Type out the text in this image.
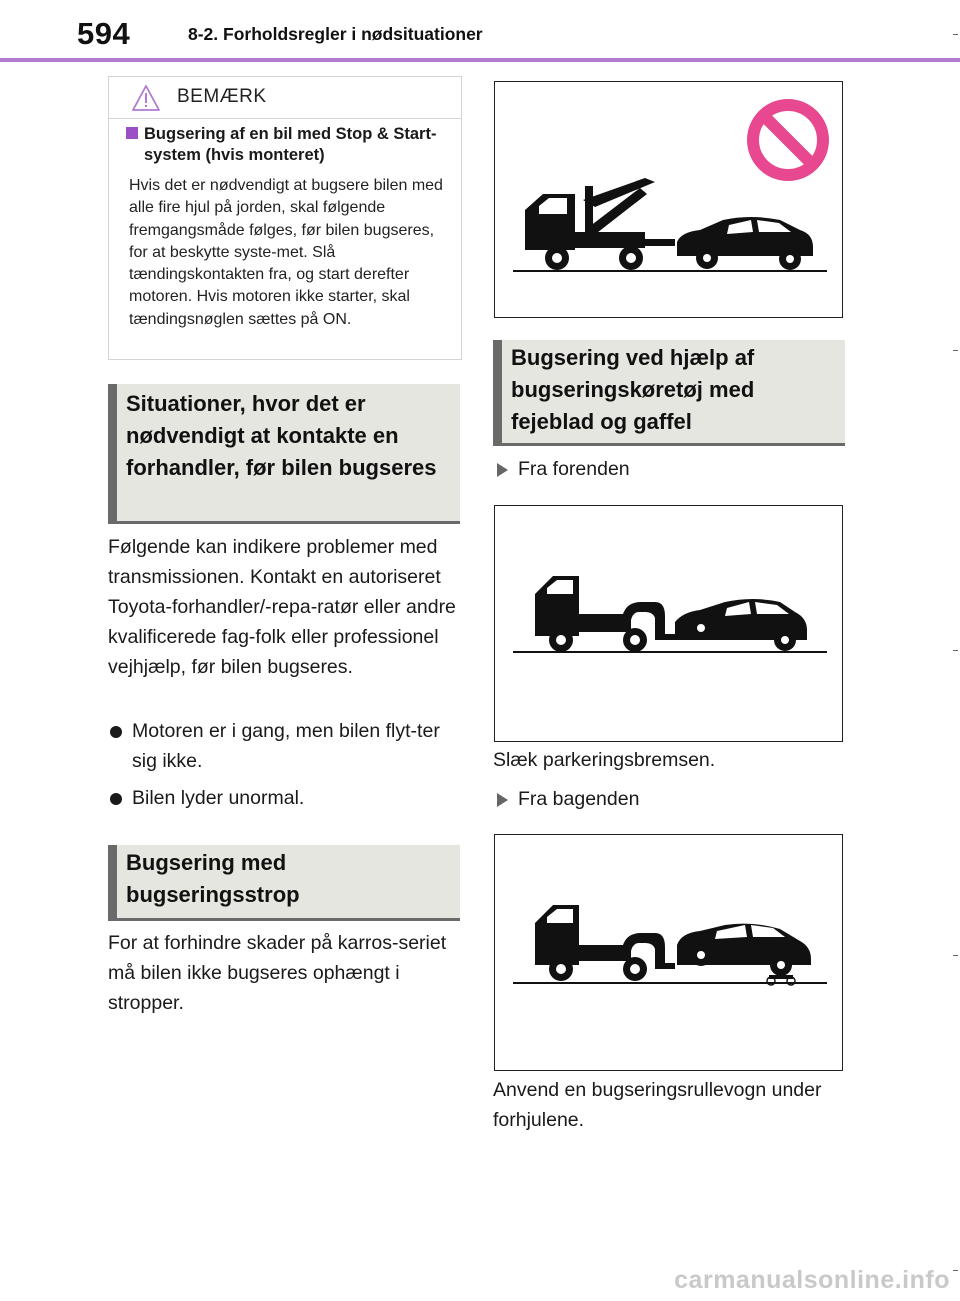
594	8-2. Forholdsregler i nødsituationer
BEMÆRK
Bugsering af en bil med Stop & Start-system (hvis monteret)
Hvis det er nødvendigt at bugsere bilen med alle fire hjul på jorden, skal følgende fremgangsmåde følges, før bilen bugseres, for at beskytte syste-met. Slå tændingskontakten fra, og start derefter motoren. Hvis motoren ikke starter, skal tændingsnøglen sættes på ON.
Situationer, hvor det er nødvendigt at kontakte en forhandler, før bilen bugseres
Følgende kan indikere problemer med transmissionen. Kontakt en autoriseret Toyota-forhandler/-repa-ratør eller andre kvalificerede fag-folk eller professionel vejhjælp, før bilen bugseres.
Motoren er i gang, men bilen flyt-ter sig ikke.
Bilen lyder unormal.
Bugsering med bugseringsstrop
For at forhindre skader på karros-seriet må bilen ikke bugseres ophængt i stropper.
Bugsering ved hjælp af bugseringskøretøj med fejeblad og gaffel
Fra forenden
Slæk parkeringsbremsen.
Fra bagenden
Anvend en bugseringsrullevogn under forhjulene.
carmanualsonline.info
